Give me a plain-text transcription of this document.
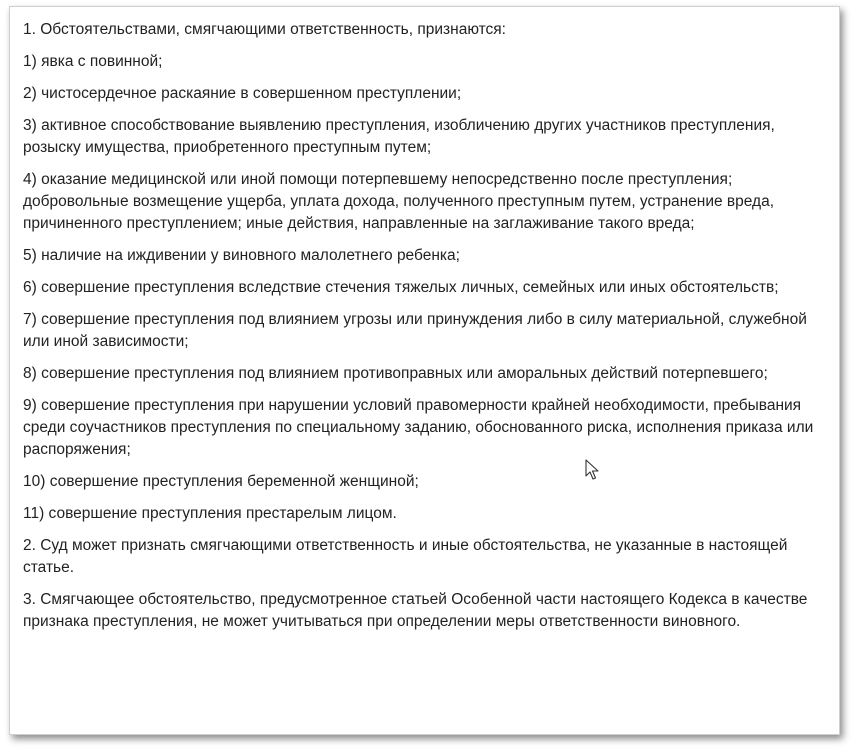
1. Обстоятельствами, смягчающими ответственность, признаются:

1) явка с повинной;

2) чистосердечное раскаяние в совершенном преступлении;

3) активное способствование выявлению преступления, изобличению других участников преступления, розыску имущества, приобретенного преступным путем;

4) оказание медицинской или иной помощи потерпевшему непосредственно после преступления; добровольные возмещение ущерба, уплата дохода, полученного преступным путем, устранение вреда, причиненного преступлением; иные действия, направленные на заглаживание такого вреда;

5) наличие на иждивении у виновного малолетнего ребенка;

6) совершение преступления вследствие стечения тяжелых личных, семейных или иных обстоятельств;

7) совершение преступления под влиянием угрозы или принуждения либо в силу материальной, служебной или иной зависимости;

8) совершение преступления под влиянием противоправных или аморальных действий потерпевшего;

9) совершение преступления при нарушении условий правомерности крайней необходимости, пребывания среди соучастников преступления по специальному заданию, обоснованного риска, исполнения приказа или распоряжения;

10) совершение преступления беременной женщиной;

11) совершение преступления престарелым лицом.

2. Суд может признать смягчающими ответственность и иные обстоятельства, не указанные в настоящей статье.

3. Смягчающее обстоятельство, предусмотренное статьей Особенной части настоящего Кодекса в качестве признака преступления, не может учитываться при определении меры ответственности виновного.
